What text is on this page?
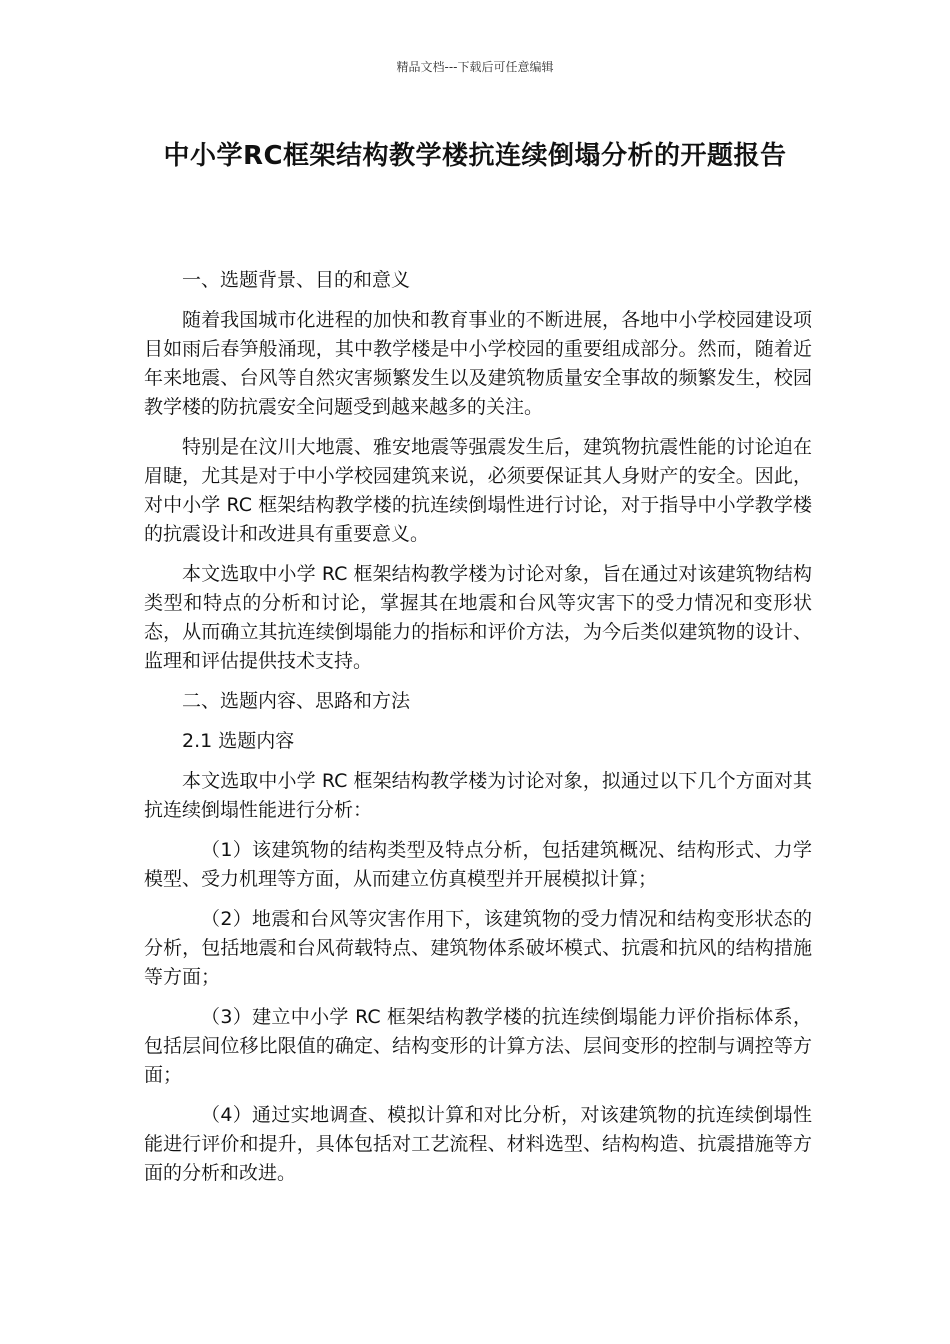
精品文档---下载后可任意编辑
中小学RC框架结构教学楼抗连续倒塌分析的开题报告

一、选题背景、目的和意义

随着我国城市化进程的加快和教育事业的不断进展，各地中小学校园建设项目如雨后春笋般涌现，其中教学楼是中小学校园的重要组成部分。然而，随着近年来地震、台风等自然灾害频繁发生以及建筑物质量安全事故的频繁发生，校园教学楼的防抗震安全问题受到越来越多的关注。

特别是在汶川大地震、雅安地震等强震发生后，建筑物抗震性能的讨论迫在眉睫，尤其是对于中小学校园建筑来说，必须要保证其人身财产的安全。因此，对中小学 RC 框架结构教学楼的抗连续倒塌性进行讨论，对于指导中小学教学楼的抗震设计和改进具有重要意义。

本文选取中小学 RC 框架结构教学楼为讨论对象，旨在通过对该建筑物结构类型和特点的分析和讨论，掌握其在地震和台风等灾害下的受力情况和变形状态，从而确立其抗连续倒塌能力的指标和评价方法，为今后类似建筑物的设计、监理和评估提供技术支持。

二、选题内容、思路和方法

2.1 选题内容

本文选取中小学 RC 框架结构教学楼为讨论对象，拟通过以下几个方面对其抗连续倒塌性能进行分析：

（1）该建筑物的结构类型及特点分析，包括建筑概况、结构形式、力学模型、受力机理等方面，从而建立仿真模型并开展模拟计算；

（2）地震和台风等灾害作用下，该建筑物的受力情况和结构变形状态的分析，包括地震和台风荷载特点、建筑物体系破坏模式、抗震和抗风的结构措施等方面；

（3）建立中小学 RC 框架结构教学楼的抗连续倒塌能力评价指标体系，包括层间位移比限值的确定、结构变形的计算方法、层间变形的控制与调控等方面；

（4）通过实地调查、模拟计算和对比分析，对该建筑物的抗连续倒塌性能进行评价和提升，具体包括对工艺流程、材料选型、结构构造、抗震措施等方面的分析和改进。
